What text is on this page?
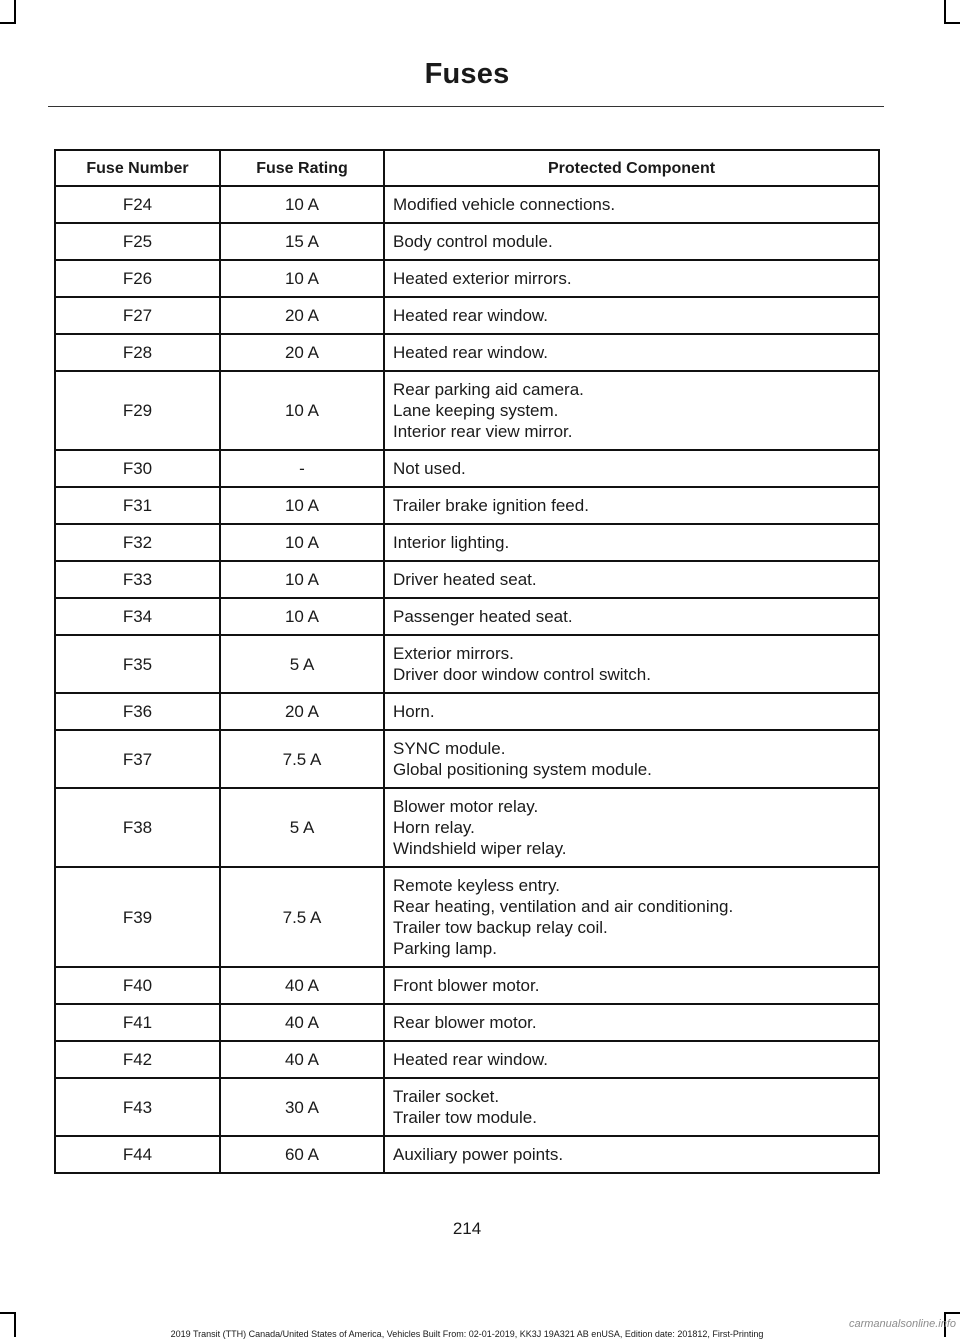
Fuses
Fuse Number	Fuse Rating	Protected Component
F24	10 A	Modified vehicle connections.

F25	15 A	Body control module.

F26	10 A	Heated exterior mirrors.

F27	20 A	Heated rear window.

F28	20 A	Heated rear window.

F29	10 A	Rear parking aid camera.
Lane keeping system.
Interior rear view mirror.

F30	-	Not used.

F31	10 A	Trailer brake ignition feed.

F32	10 A	Interior lighting.

F33	10 A	Driver heated seat.

F34	10 A	Passenger heated seat.

F35	5 A	Exterior mirrors.
Driver door window control switch.

F36	20 A	Horn.

F37	7.5 A	SYNC module.
Global positioning system module.

F38	5 A	Blower motor relay.
Horn relay.
Windshield wiper relay.

F39	7.5 A	Remote keyless entry.
Rear heating, ventilation and air conditioning.
Trailer tow backup relay coil.
Parking lamp.

F40	40 A	Front blower motor.

F41	40 A	Rear blower motor.

F42	40 A	Heated rear window.

F43	30 A	Trailer socket.
Trailer tow module.

F44	60 A	Auxiliary power points.
214
2019 Transit (TTH) Canada/United States of America, Vehicles Built From: 02-01-2019, KK3J 19A321 AB enUSA, Edition date: 201812, First-Printing
carmanualsonline.info
